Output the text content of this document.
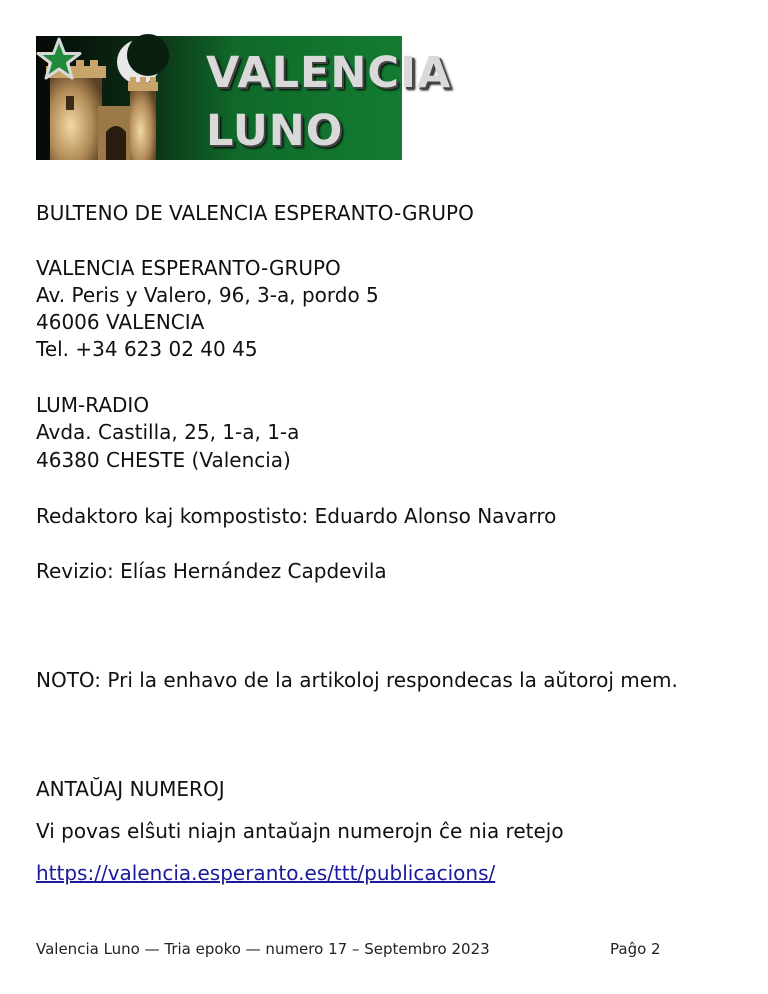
VALENCIA
LUNO
BULTENO DE VALENCIA ESPERANTO-GRUPO
VALENCIA ESPERANTO-GRUPO
Av. Peris y Valero, 96, 3-a, pordo 5
46006 VALENCIA
Tel. +34 623 02 40 45
LUM-RADIO
Avda. Castilla, 25, 1-a, 1-a
46380 CHESTE (Valencia)
Redaktoro kaj kompostisto: Eduardo Alonso Navarro
Revizio: Elías Hernández Capdevila
NOTO: Pri la enhavo de la artikoloj respondecas la aŭtoroj mem.
ANTAŬAJ NUMEROJ
Vi povas elŝuti niajn antaŭajn numerojn ĉe nia retejo
https://valencia.esperanto.es/ttt/publicacions/
Valencia Luno — Tria epoko — numero 17 – Septembro 2023	Paĝo 2
